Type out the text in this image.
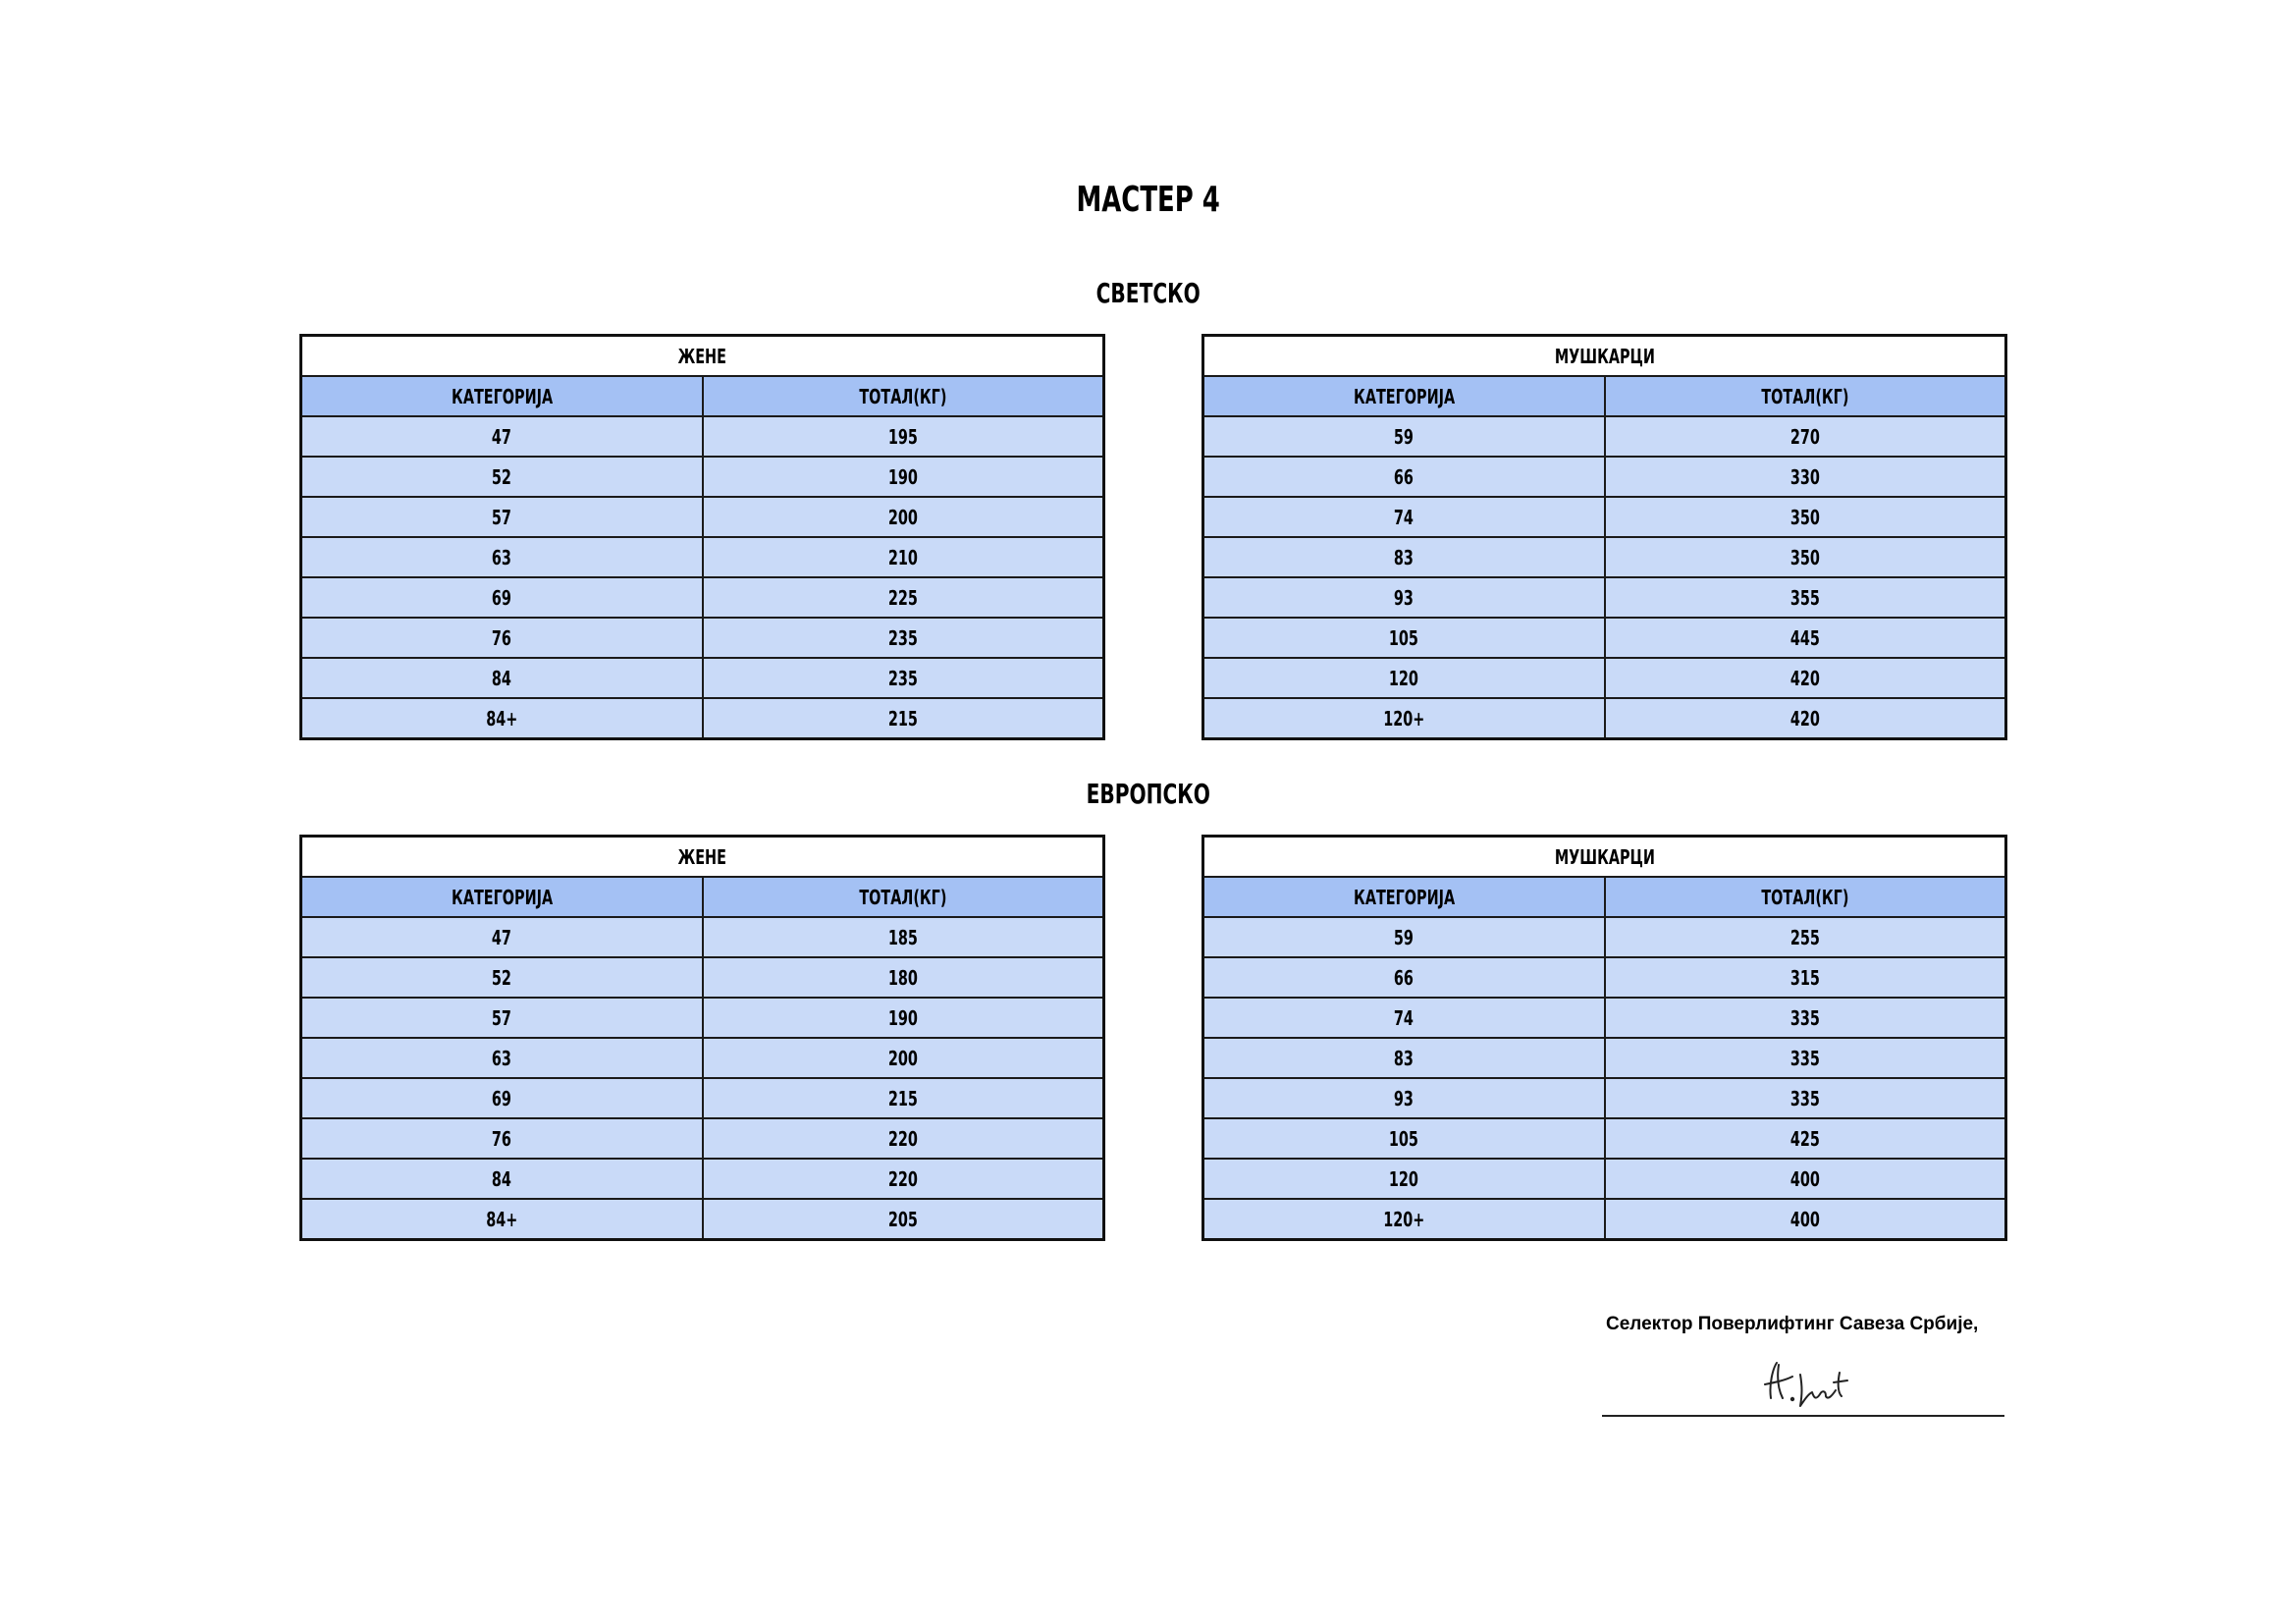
МАСТЕР 4
СВЕТСКО
ЕВРОПСКО
ЖЕНЕ	
КАТЕГОРИЈА	ТОТАЛ(КГ)
47	195
52	190
57	200
63	210
69	225
76	235
84	235
84+	215
МУШКАРЦИ	
КАТЕГОРИЈА	ТОТАЛ(КГ)
59	270
66	330
74	350
83	350
93	355
105	445
120	420
120+	420
ЖЕНЕ	
КАТЕГОРИЈА	ТОТАЛ(КГ)
47	185
52	180
57	190
63	200
69	215
76	220
84	220
84+	205
МУШКАРЦИ	
КАТЕГОРИЈА	ТОТАЛ(КГ)
59	255
66	315
74	335
83	335
93	335
105	425
120	400
120+	400
Селектор Поверлифтинг Савеза Србије,
